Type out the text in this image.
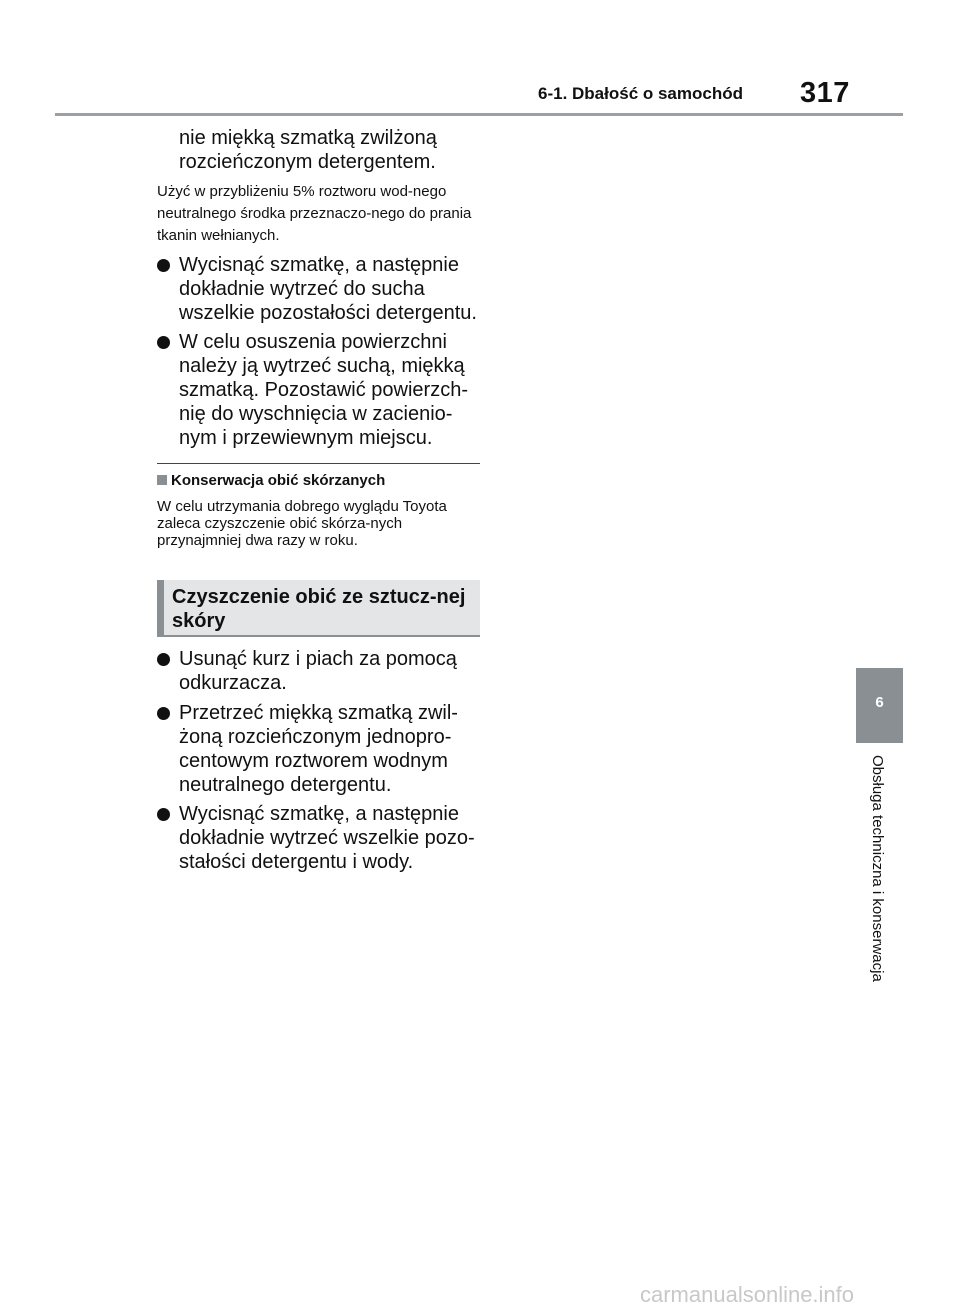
6-1. Dbałość o samochód 317
nie miękką szmatką zwilżoną rozcieńczonym detergentem.
Użyć w przybliżeniu 5% roztworu wod-nego neutralnego środka przeznaczo-nego do prania tkanin wełnianych.
Wycisnąć szmatkę, a następnie dokładnie wytrzeć do sucha wszelkie pozostałości detergentu.
W celu osuszenia powierzchni należy ją wytrzeć suchą, miękką szmatką. Pozostawić powierzch-nię do wyschnięcia w zacienio-nym i przewiewnym miejscu.
Konserwacja obić skórzanych
W celu utrzymania dobrego wyglądu Toyota zaleca czyszczenie obić skórza-nych przynajmniej dwa razy w roku.
Czyszczenie obić ze sztucz-nej skóry
Usunąć kurz i piach za pomocą odkurzacza.
Przetrzeć miękką szmatką zwil-żoną rozcieńczonym jednopro-centowym roztworem wodnym neutralnego detergentu.
Wycisnąć szmatkę, a następnie dokładnie wytrzeć wszelkie pozo-stałości detergentu i wody.
6
Obsługa techniczna i konserwacja
carmanualsonline.info
